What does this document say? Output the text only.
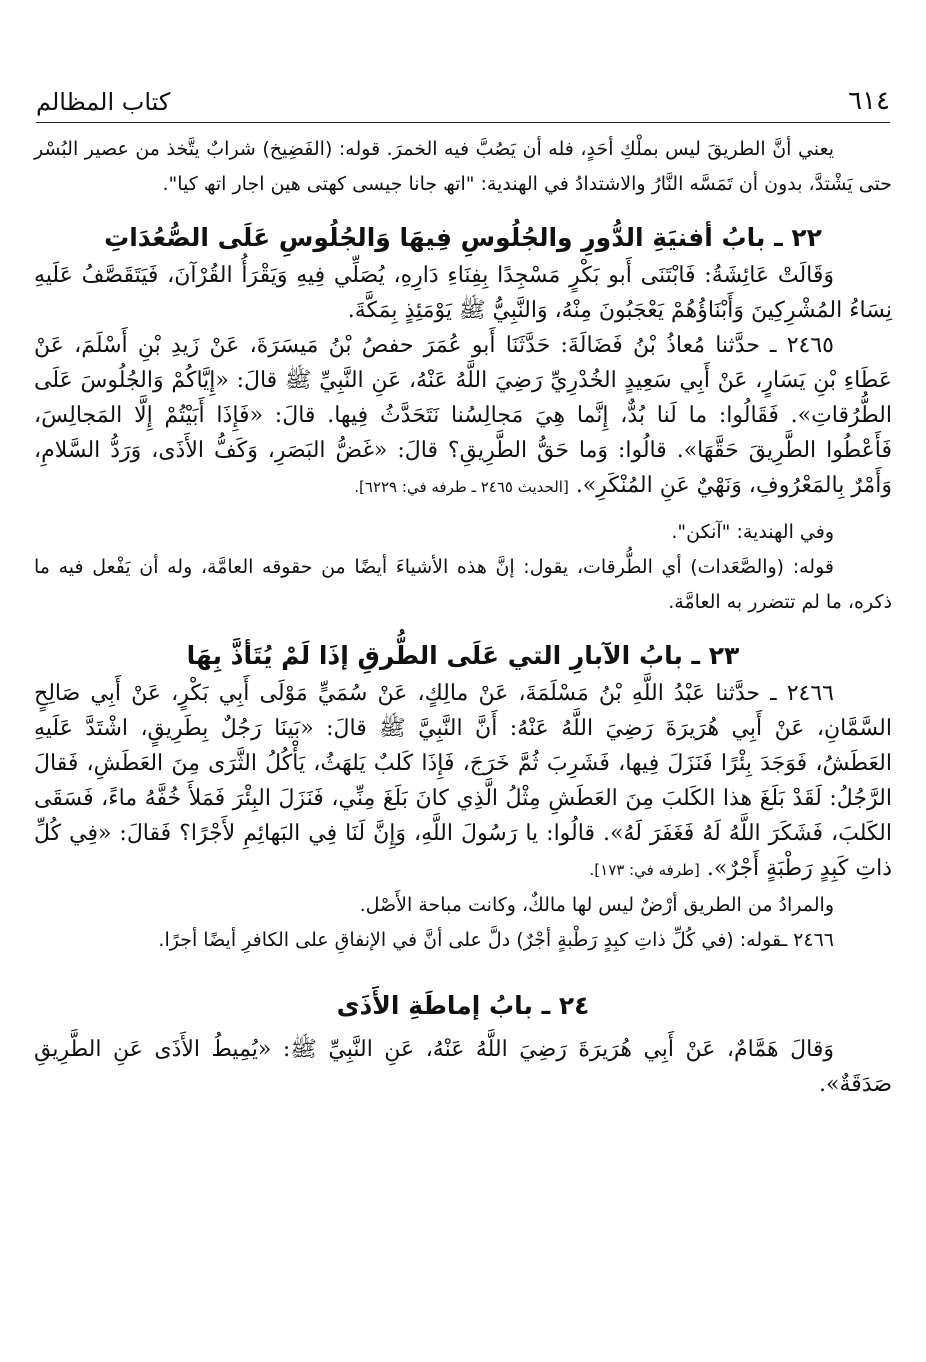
٦١٤
كتاب المظالم

يعني أنَّ الطريقَ ليس بملْكِ أحَدٍ، فله أن يَصُبَّ فيه الخمرَ. قوله: (الفَضِيخ) شرابٌ يتَّخذ من عصير البُسْر حتى يَشْتدَّ، بدون أن تَمَسَّه النَّارُ والاشتدادُ في الهندية: "اتھ جانا جیسی کھتی هین اجار اتھ کیا".

٢٢ ـ بابُ أفنيَةِ الدُّورِ والجُلُوسِ فِيهَا وَالجُلُوسِ عَلَى الصُّعُدَاتِ

وَقَالَتْ عَائِشَةُ: فَابْتَنَى أَبو بَكْرٍ مَسْجِدًا بِفِنَاءِ دَارِهِ، يُصَلِّي فِيهِ وَيَقْرَأُ القُرْآنَ، فَيَتَقَصَّفُ عَلَيهِ نِسَاءُ المُشْرِكِينَ وَأَبْنَاؤُهُمْ يَعْجَبُونَ مِنْهُ، وَالنَّبِيُّ ﷺ يَوْمَئِذٍ بِمَكَّةَ.

٢٤٦٥ ـ حدَّثنا مُعاذُ بْنُ فَضَالَةَ: حَدَّثَنَا أَبو عُمَرَ حفصُ بْنُ مَيسَرَةَ، عَنْ زَيدِ بْنِ أَسْلَمَ، عَنْ عَطَاءِ بْنِ يَسَارٍ، عَنْ أَبِي سَعِيدٍ الخُدْرِيِّ رَضِيَ اللَّهُ عَنْهُ، عَنِ النَّبِيِّ ﷺ قالَ: «إِيَّاكُمْ وَالجُلُوسَ عَلَى الطُّرُقاتِ». فَقَالُوا: ما لَنا بُدٌّ، إِنَّما هِيَ مَجالِسُنا نَتَحَدَّثُ فِيها. قالَ: «فَإِذَا أَبَيْتُمْ إِلَّا المَجالِسَ، فَأَعْطُوا الطَّرِيقَ حَقَّهَا». قالُوا: وَما حَقُّ الطَّرِيقِ؟ قالَ: «غَضُّ البَصَرِ، وَكَفُّ الأَذَى، وَرَدُّ السَّلامِ، وَأَمْرٌ بِالمَعْرُوفِ، وَنَهْيٌ عَنِ المُنْكَرِ». [الحديث ٢٤٦٥ ـ طرفه في: ٦٢٢٩].

وفي الهندية: "آنکن".

قوله: (والصَّعَدات) أي الطُّرقات، يقول: إنَّ هذه الأشياءَ أيضًا من حقوقه العامَّة، وله أن يَفْعل فيه ما ذكره، ما لم تتضرر به العامَّة.

٢٣ ـ بابُ الآبارِ التي عَلَى الطُّرقِ إذَا لَمْ يُتَأذَّ بِهَا

٢٤٦٦ ـ حدَّثنا عَبْدُ اللَّهِ بْنُ مَسْلَمَةَ، عَنْ مالِكٍ، عَنْ سُمَيٍّ مَوْلَى أَبِي بَكْرٍ، عَنْ أَبِي صَالِحٍ السَّمَّانِ، عَنْ أَبِي هُرَيرَةَ رَضِيَ اللَّهُ عَنْهُ: أَنَّ النَّبِيَّ ﷺ قالَ: «بَينَا رَجُلٌ بِطَرِيقٍ، اشْتَدَّ عَلَيهِ العَطَشُ، فَوَجَدَ بِئْرًا فَنَزَلَ فِيها، فَشَرِبَ ثُمَّ خَرَجَ، فَإِذَا كَلبٌ يَلهَثُ، يَأْكُلُ الثَّرَى مِنَ العَطَشِ، فَقالَ الرَّجُلُ: لَقَدْ بَلَغَ هذا الكَلبَ مِنَ العَطَشِ مِثْلُ الَّذِي كانَ بَلَغَ مِنِّي، فَنَزَلَ البِئْرَ فَمَلأَ خُفَّهُ ماءً، فَسَقَى الكَلبَ، فَشَكَرَ اللَّهُ لَهُ فَغَفَرَ لَهُ». قالُوا: يا رَسُولَ اللَّهِ، وَإِنَّ لَنَا فِي البَهائِمِ لأَجْرًا؟ فَقالَ: «فِي كُلِّ ذاتِ كَبِدٍ رَطْبَةٍ أَجْرٌ». [طرفه في: ١٧٣].

والمرادُ من الطريق أرْضٌ ليس لها مالكٌ، وكانت مباحة الأَصْل.

٢٤٦٦ ـقوله: (في كُلِّ ذاتِ كبِدٍ رَطْبةٍ أجْرٌ) دلَّ على أنَّ في الإنفاقِ على الكافرِ أيضًا أجرًا.

٢٤ ـ بابُ إماطَةِ الأَذَى

وَقالَ هَمَّامٌ، عَنْ أَبِي هُرَيرَةَ رَضِيَ اللَّهُ عَنْهُ، عَنِ النَّبِيِّ ﷺ: «يُمِيطُ الأَذَى عَنِ الطَّرِيقِ صَدَقَةٌ».
